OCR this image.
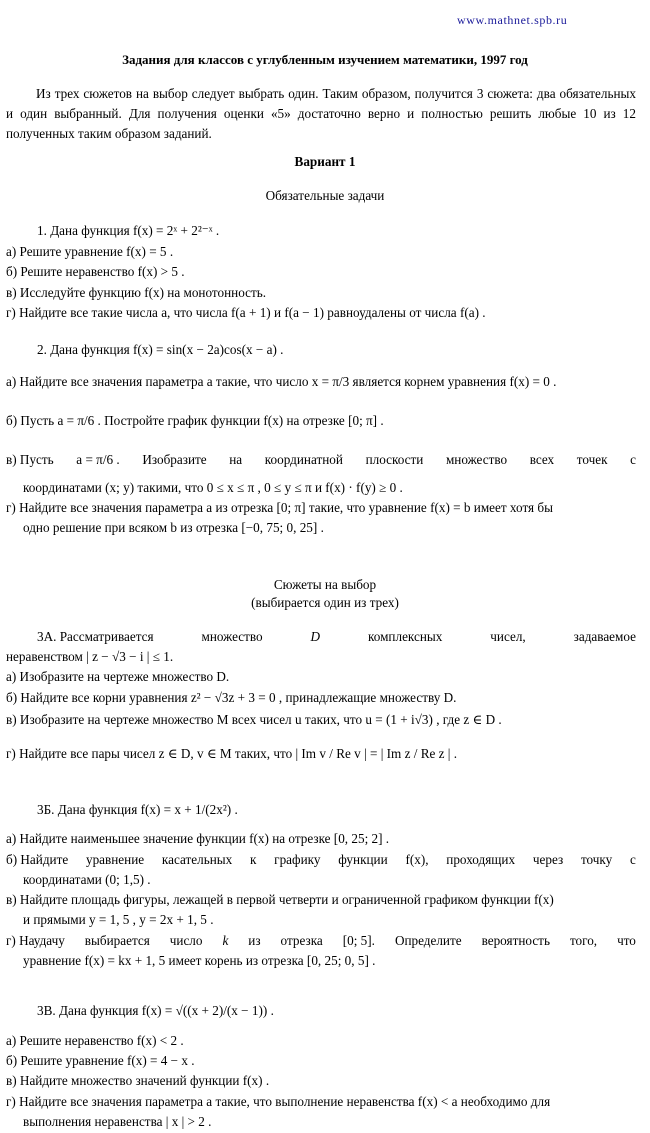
www.mathnet.spb.ru
Задания для классов с углубленным изучением математики, 1997 год
Из трех сюжетов на выбор следует выбрать один. Таким образом, получится 3 сюжета: два обязательных и один выбранный. Для получения оценки «5» достаточно верно и полностью решить любые 10 из 12 полученных таким образом заданий.
Вариант 1
Обязательные задачи
1. Дана функция f(x) = 2ˣ + 2²⁻ˣ .
а) Решите уравнение f(x) = 5 .
б) Решите неравенство f(x) > 5 .
в) Исследуйте функцию f(x) на монотонность.
г) Найдите все такие числа a, что числа f(a + 1) и f(a − 1) равноудалены от числа f(a) .
2. Дана функция f(x) = sin(x − 2a)cos(x − a) .
а) Найдите все значения параметра a такие, что число x = π/3 является корнем уравнения f(x) = 0 .
б) Пусть a = π/6 . Постройте график функции f(x) на отрезке [0; π] .
в) Пусть a = π/6 . Изобразите на координатной плоскости множество всех точек с
координатами (x; y) такими, что 0 ≤ x ≤ π , 0 ≤ y ≤ π и f(x) · f(y) ≥ 0 .
г) Найдите все значения параметра a из отрезка [0; π] такие, что уравнение f(x) = b имеет хотя бы
одно решение при всяком b из отрезка [−0, 75; 0, 25] .
Сюжеты на выбор
(выбирается один из трех)
3А. Рассматривается	множество	D	комплексных	чисел,	задаваемое
неравенством | z − √3 − i | ≤ 1.
а) Изобразите на чертеже множество D.
б) Найдите все корни уравнения z² − √3z + 3 = 0 , принадлежащие множеству D.
в) Изобразите на чертеже множество M всех чисел u таких, что u = (1 + i√3) , где z ∈ D .
г) Найдите все пары чисел z ∈ D, v ∈ M таких, что | Im v / Re v | = | Im z / Re z | .
3Б. Дана функция f(x) = x + 1/(2x²) .
а) Найдите наименьшее значение функции f(x) на отрезке [0, 25; 2] .
б) Найдите уравнение касательных к графику функции f(x), проходящих через точку с
координатами (0; 1,5) .
в) Найдите площадь фигуры, лежащей в первой четверти и ограниченной графиком функции f(x)
и прямыми y = 1, 5 , y = 2x + 1, 5 .
г) Наудачу выбирается число k из отрезка [0; 5]. Определите вероятность того, что
уравнение f(x) = kx + 1, 5 имеет корень из отрезка [0, 25; 0, 5] .
3В. Дана функция f(x) = √((x + 2)/(x − 1)) .
а) Решите неравенство f(x) < 2 .
б) Решите уравнение f(x) = 4 − x .
в) Найдите множество значений функции f(x) .
г) Найдите все значения параметра a такие, что выполнение неравенства f(x) < a необходимо для
выполнения неравенства | x | > 2 .
